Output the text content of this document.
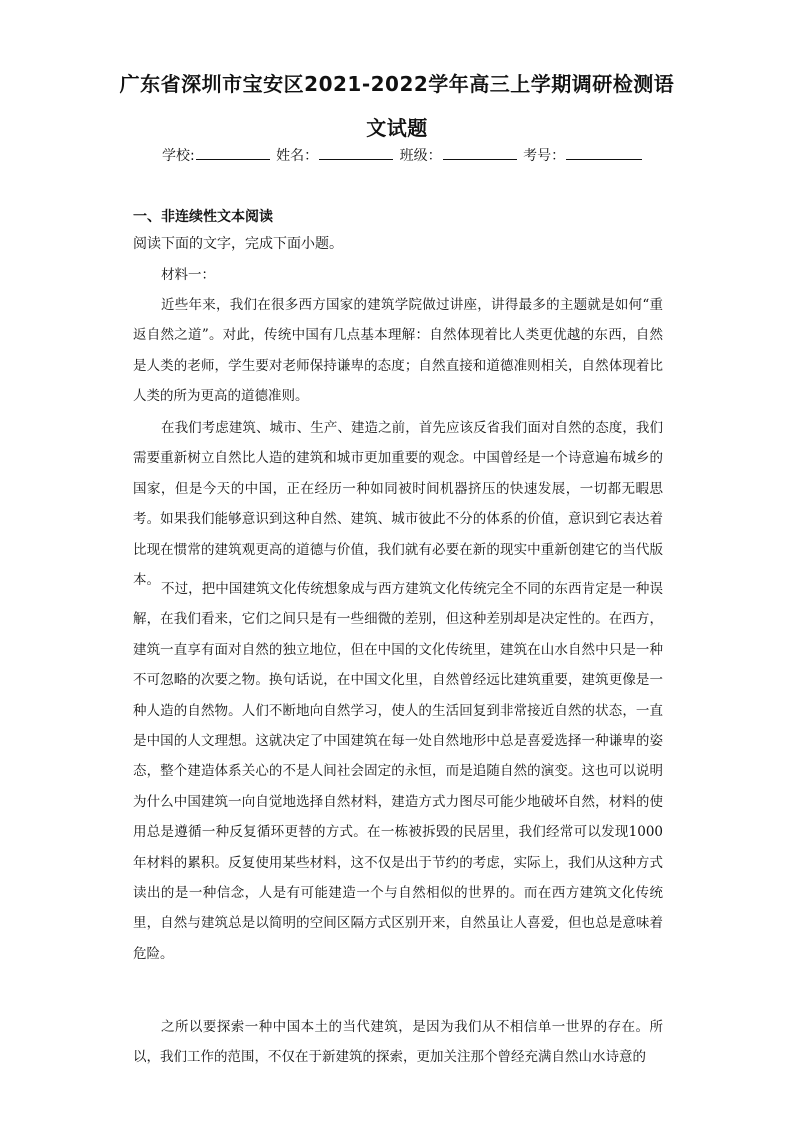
广东省深圳市宝安区2021-2022学年高三上学期调研检测语
文试题
学校:	姓名：	班级：	考号：
一、非连续性文本阅读
阅读下面的文字，完成下面小题。
材料一：
近些年来，我们在很多西方国家的建筑学院做过讲座，讲得最多的主题就是如何“重返自然之道”。对此，传统中国有几点基本理解：自然体现着比人类更优越的东西，自然是人类的老师，学生要对老师保持谦卑的态度；自然直接和道德准则相关，自然体现着比人类的所为更高的道德准则。
在我们考虑建筑、城市、生产、建造之前，首先应该反省我们面对自然的态度，我们需要重新树立自然比人造的建筑和城市更加重要的观念。中国曾经是一个诗意遍布城乡的国家，但是今天的中国，正在经历一种如同被时间机器挤压的快速发展，一切都无暇思考。如果我们能够意识到这种自然、建筑、城市彼此不分的体系的价值，意识到它表达着比现在惯常的建筑观更高的道德与价值，我们就有必要在新的现实中重新创建它的当代版本。
不过，把中国建筑文化传统想象成与西方建筑文化传统完全不同的东西肯定是一种误解，在我们看来，它们之间只是有一些细微的差别，但这种差别却是决定性的。在西方，建筑一直享有面对自然的独立地位，但在中国的文化传统里，建筑在山水自然中只是一种不可忽略的次要之物。换句话说，在中国文化里，自然曾经远比建筑重要，建筑更像是一种人造的自然物。人们不断地向自然学习，使人的生活回复到非常接近自然的状态，一直是中国的人文理想。这就决定了中国建筑在每一处自然地形中总是喜爱选择一种谦卑的姿态，整个建造体系关心的不是人间社会固定的永恒，而是追随自然的演变。这也可以说明为什么中国建筑一向自觉地选择自然材料，建造方式力图尽可能少地破坏自然，材料的使用总是遵循一种反复循环更替的方式。在一栋被拆毁的民居里，我们经常可以发现1000年材料的累积。反复使用某些材料，这不仅是出于节约的考虑，实际上，我们从这种方式读出的是一种信念，人是有可能建造一个与自然相似的世界的。而在西方建筑文化传统里，自然与建筑总是以简明的空间区隔方式区别开来，自然虽让人喜爱，但也总是意味着危险。
之所以要探索一种中国本土的当代建筑，是因为我们从不相信单一世界的存在。所以，我们工作的范围，不仅在于新建筑的探索，更加关注那个曾经充满自然山水诗意的
